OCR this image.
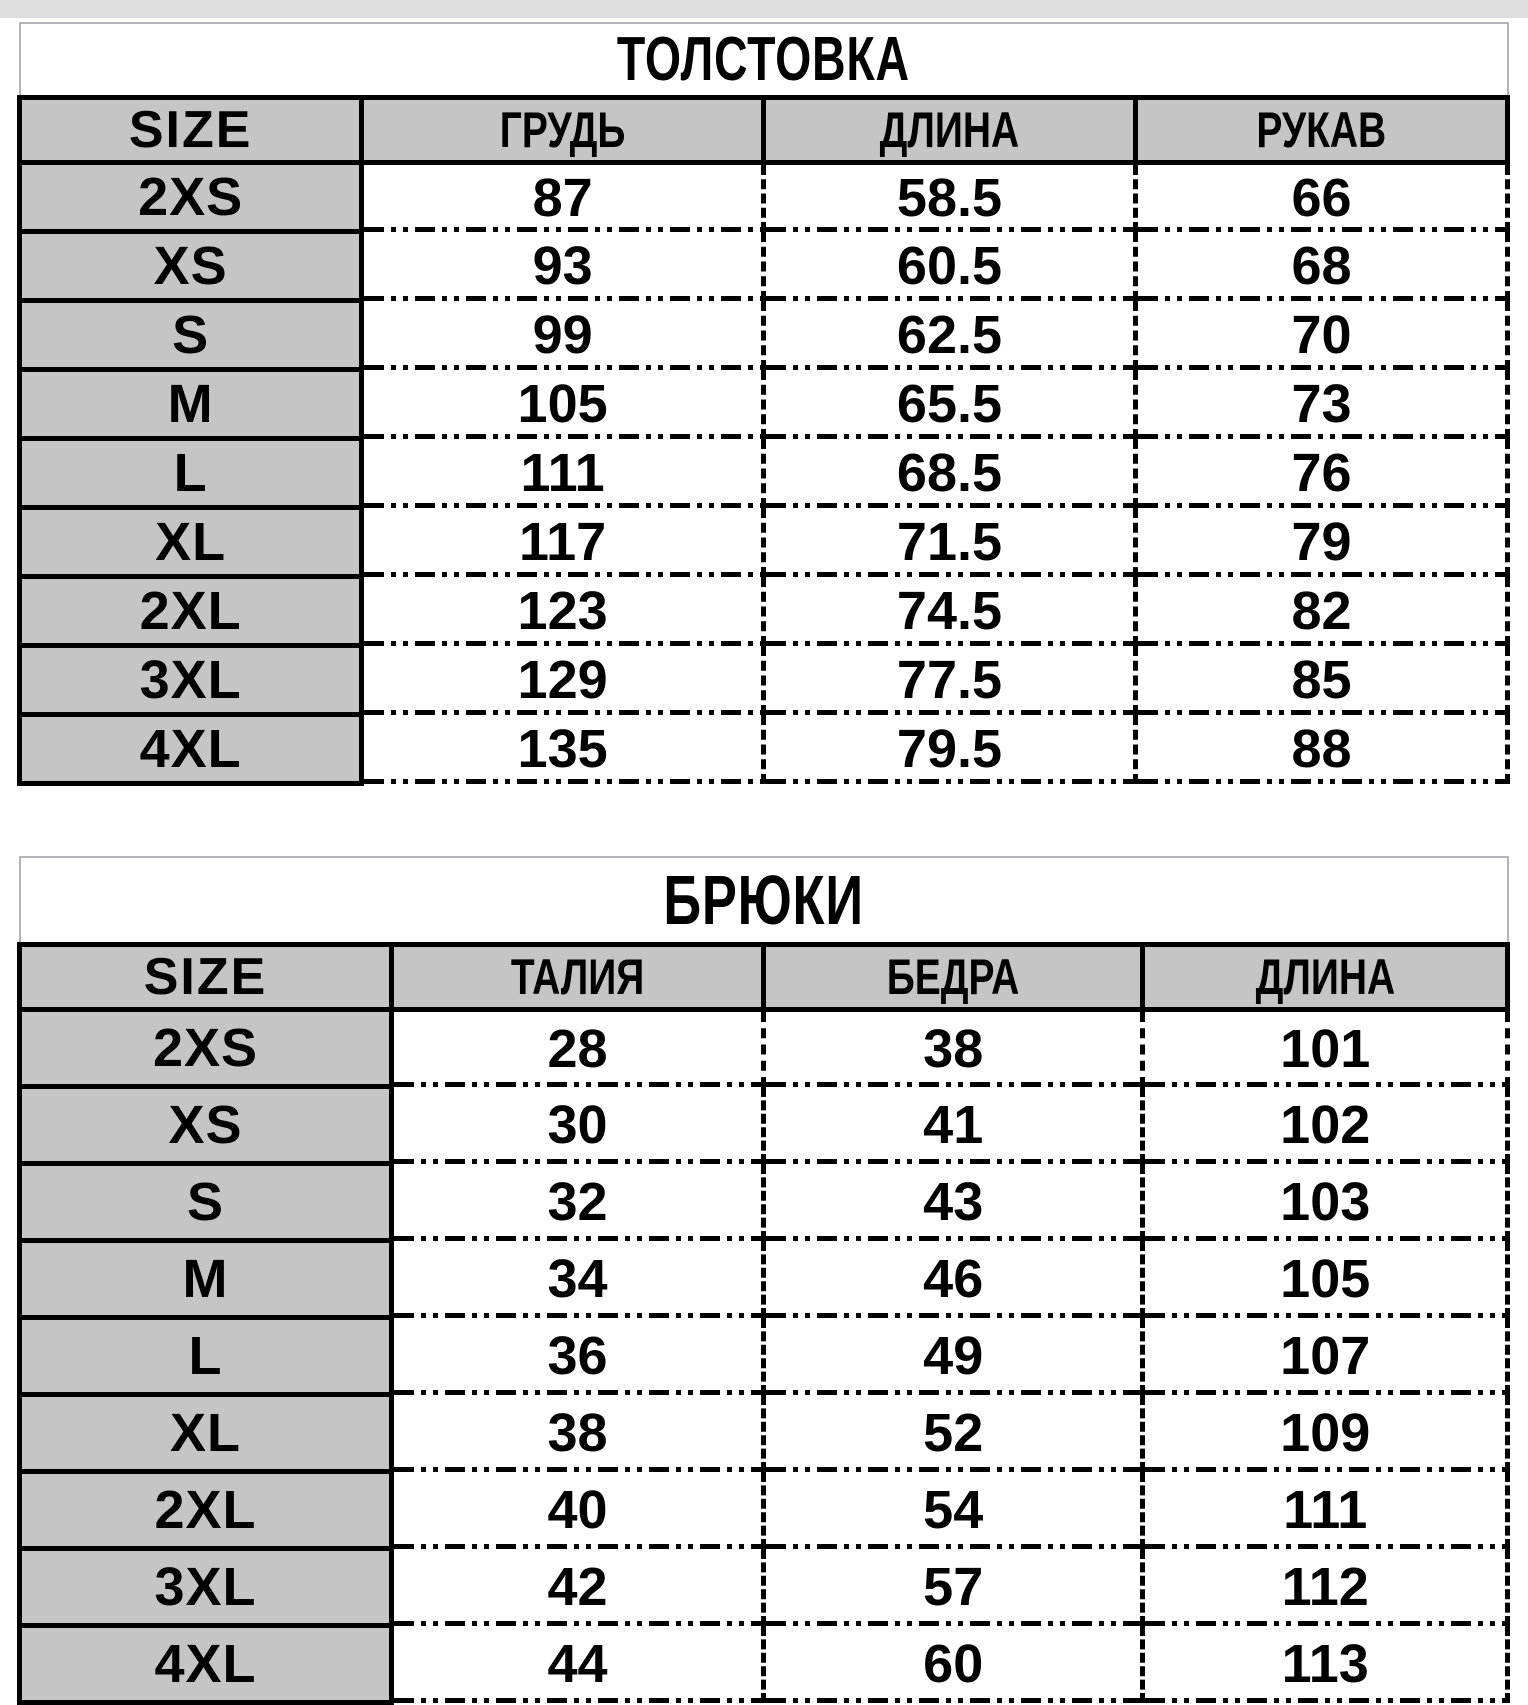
ТОЛСТОВКА			
SIZE	ГРУДЬ	ДЛИНА	РУКАВ
2XS	87	58.5	66
XS	93	60.5	68
S	99	62.5	70
M	105	65.5	73
L	111	68.5	76
XL	117	71.5	79
2XL	123	74.5	82
3XL	129	77.5	85
4XL	135	79.5	88
БРЮКИ			
SIZE	ТАЛИЯ	БЕДРА	ДЛИНА
2XS	28	38	101
XS	30	41	102
S	32	43	103
M	34	46	105
L	36	49	107
XL	38	52	109
2XL	40	54	111
3XL	42	57	112
4XL	44	60	113
